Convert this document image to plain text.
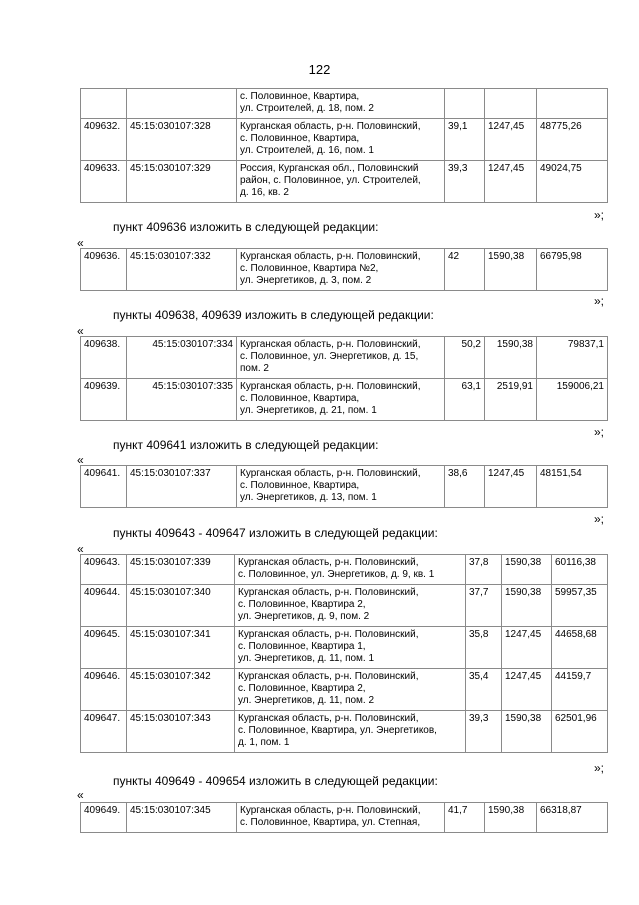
122
		с. Половинное, Квартира,
ул. Строителей, д. 18, пом. 2			
409632.	45:15:030107:328	Курганская область, р-н. Половинский,
с. Половинное, Квартира,
ул. Строителей, д. 16, пом. 1	39,1	1247,45	48775,26
409633.	45:15:030107:329	Россия, Курганская обл., Половинский
район, с. Половинное, ул. Строителей,
д. 16, кв. 2	39,3	1247,45	49024,75
»;
пункт 409636 изложить в следующей редакции:
«
409636.	45:15:030107:332	Курганская область, р-н. Половинский,
с. Половинное, Квартира №2,
ул. Энергетиков, д. 3, пом. 2	42	1590,38	66795,98
»;
пункты 409638, 409639 изложить в следующей редакции:
«
409638.	45:15:030107:334	Курганская область, р-н. Половинский,
с. Половинное, ул. Энергетиков, д. 15,
пом. 2	50,2	1590,38	79837,1
409639.	45:15:030107:335	Курганская область, р-н. Половинский,
с. Половинное, Квартира,
ул. Энергетиков, д. 21, пом. 1	63,1	2519,91	159006,21
»;
пункт 409641 изложить в следующей редакции:
«
409641.	45:15:030107:337	Курганская область, р-н. Половинский,
с. Половинное, Квартира,
ул. Энергетиков, д. 13, пом. 1	38,6	1247,45	48151,54
»;
пункты 409643 - 409647 изложить в следующей редакции:
«
409643.	45:15:030107:339	Курганская область, р-н. Половинский,
с. Половинное, ул. Энергетиков, д. 9, кв. 1	37,8	1590,38	60116,38
409644.	45:15:030107:340	Курганская область, р-н. Половинский,
с. Половинное, Квартира 2,
ул. Энергетиков, д. 9, пом. 2	37,7	1590,38	59957,35
409645.	45:15:030107:341	Курганская область, р-н. Половинский,
с. Половинное, Квартира 1,
ул. Энергетиков, д. 11, пом. 1	35,8	1247,45	44658,68
409646.	45:15:030107:342	Курганская область, р-н. Половинский,
с. Половинное, Квартира 2,
ул. Энергетиков, д. 11, пом. 2	35,4	1247,45	44159,7
409647.	45:15:030107:343	Курганская область, р-н. Половинский,
с. Половинное, Квартира, ул. Энергетиков,
д. 1, пом. 1	39,3	1590,38	62501,96
»;
пункты 409649 - 409654 изложить в следующей редакции:
«
409649.	45:15:030107:345	Курганская область, р-н. Половинский,
с. Половинное, Квартира, ул. Степная,	41,7	1590,38	66318,87
